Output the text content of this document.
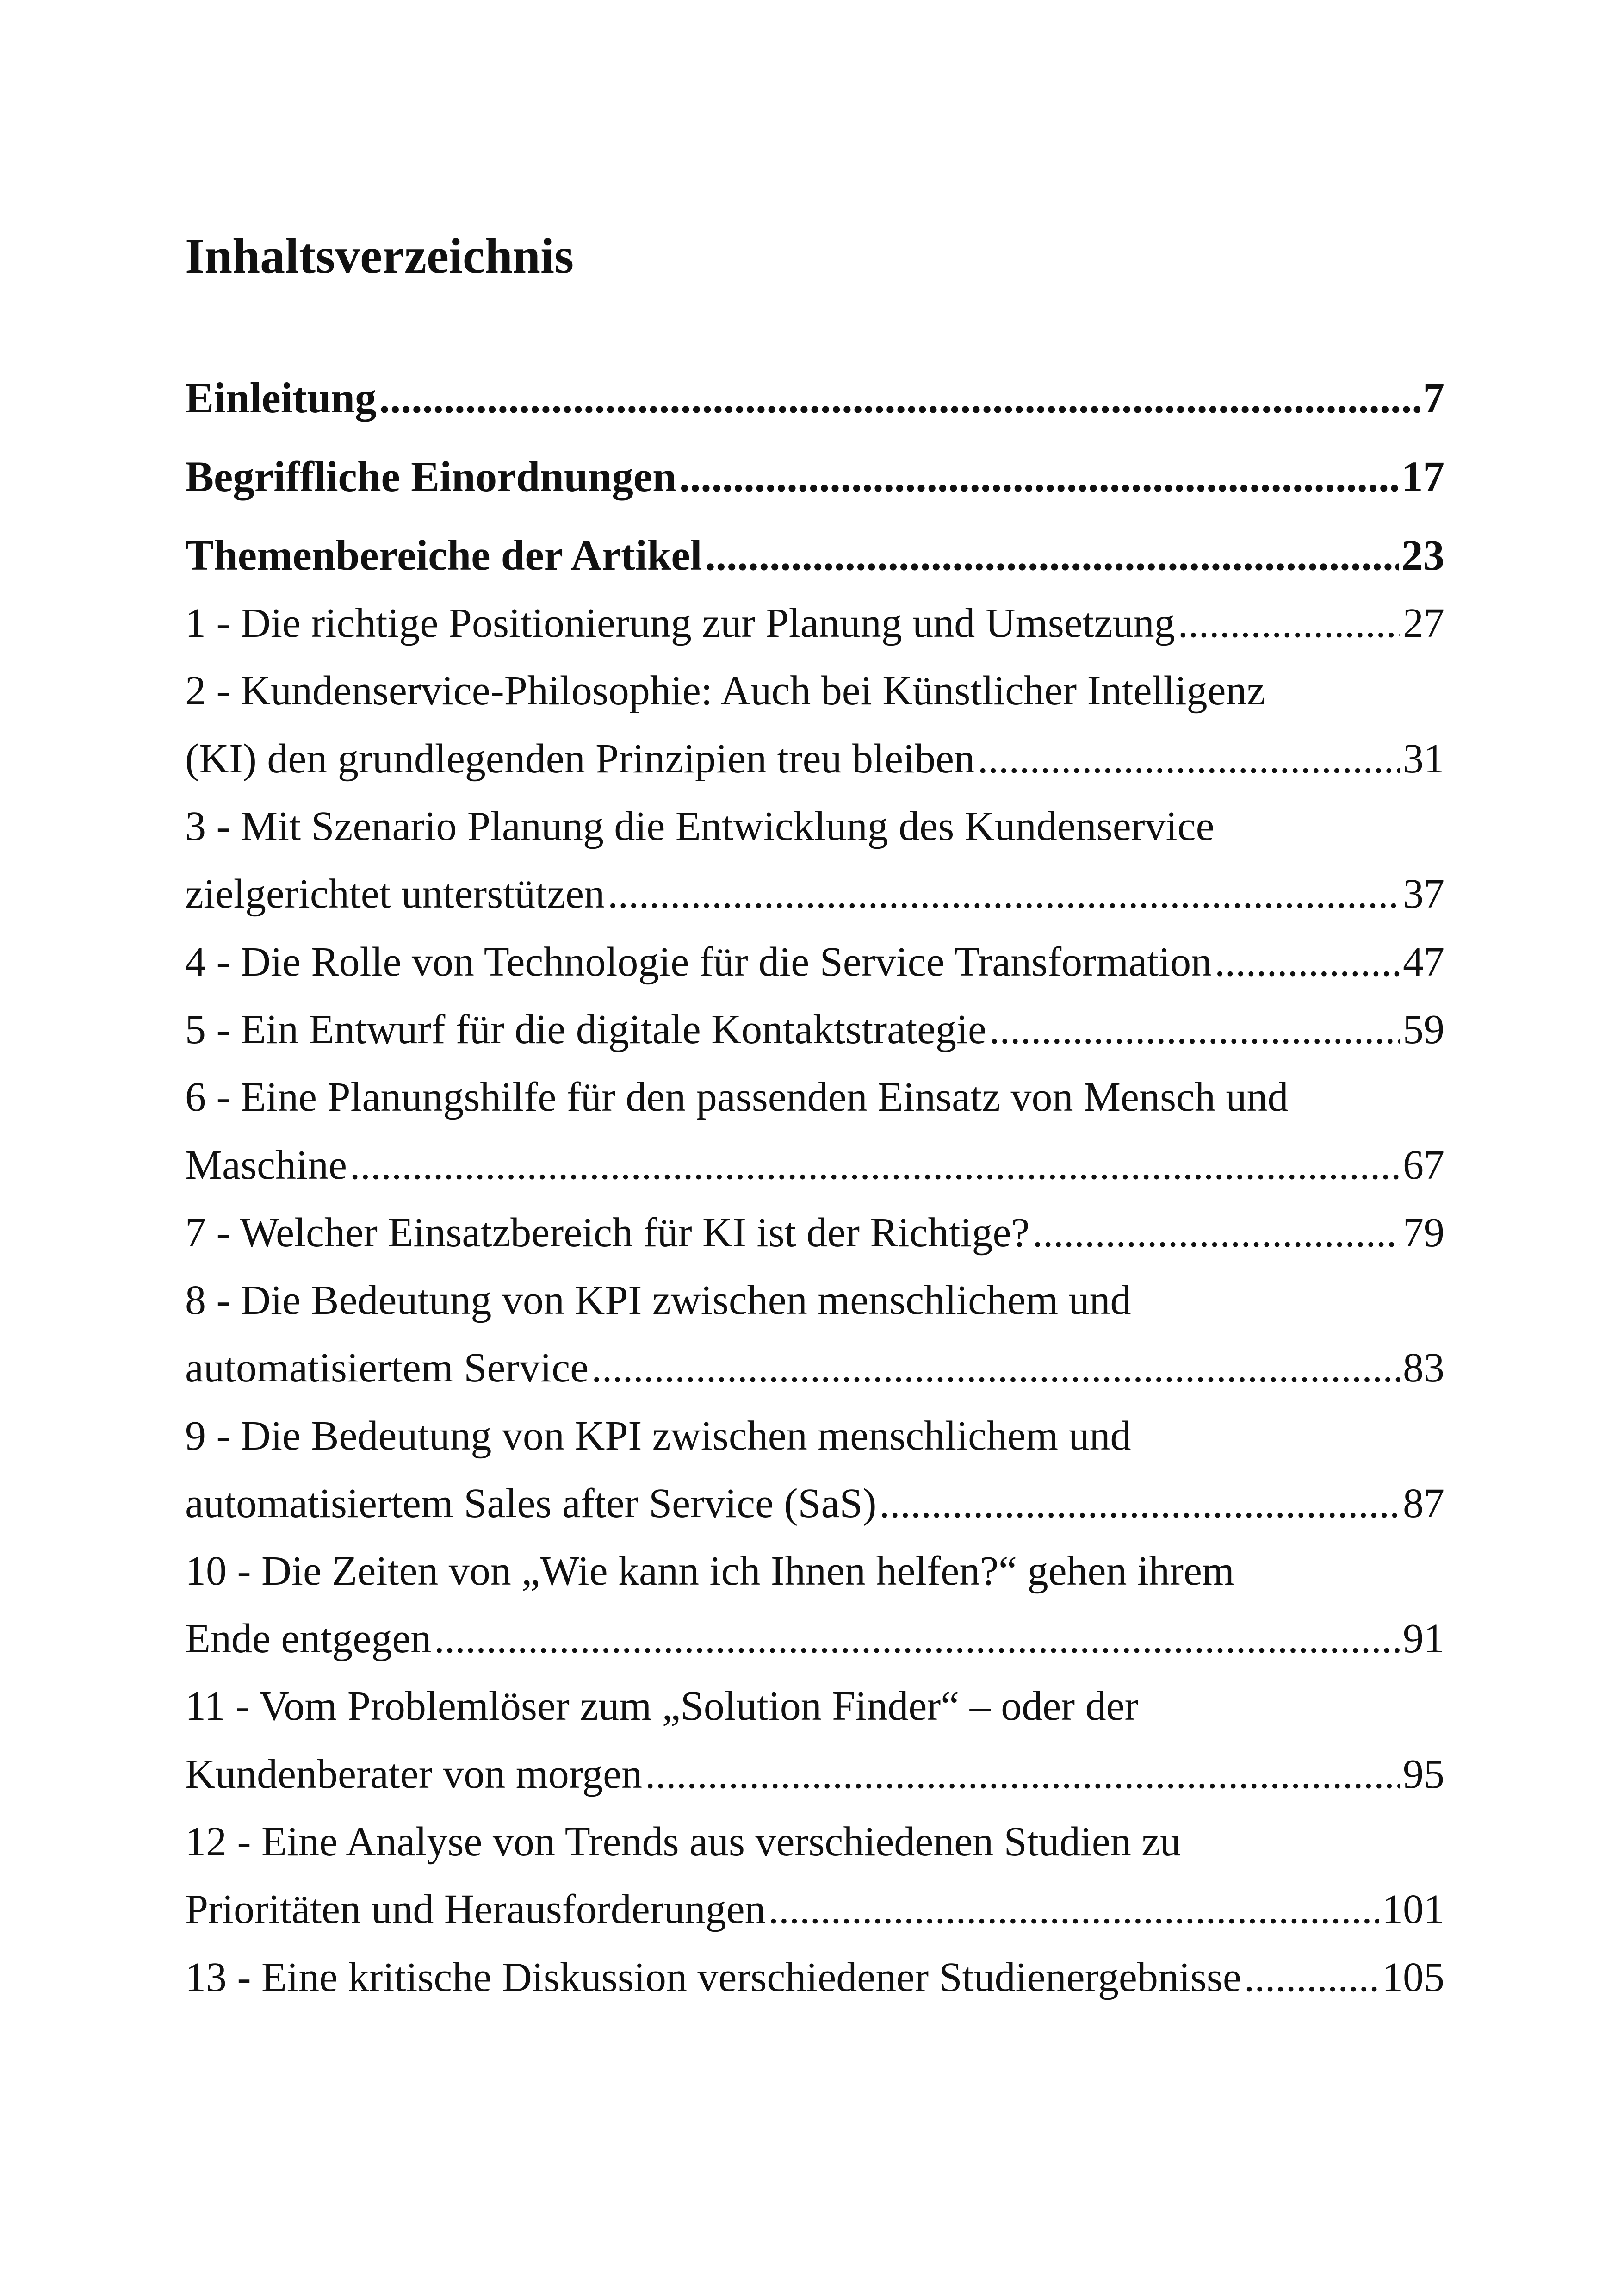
Inhaltsverzeichnis
Einleitung .....	7
Begriffliche Einordnungen .....	17
Themenbereiche der Artikel .....	23
1 - Die richtige Positionierung zur Planung und Umsetzung .....	27
2 - Kundenservice-Philosophie: Auch bei Künstlicher Intelligenz
(KI) den grundlegenden Prinzipien treu bleiben .....	31
3 - Mit Szenario Planung die Entwicklung des Kundenservice
zielgerichtet unterstützen .....	37
4 - Die Rolle von Technologie für die Service Transformation .....	47
5 - Ein Entwurf für die digitale Kontaktstrategie .....	59
6 - Eine Planungshilfe für den passenden Einsatz von Mensch und
Maschine .....	67
7 - Welcher Einsatzbereich für KI ist der Richtige? .....	79
8 - Die Bedeutung von KPI zwischen menschlichem und
automatisiertem Service .....	83
9 - Die Bedeutung von KPI zwischen menschlichem und
automatisiertem Sales after Service (SaS) .....	87
10 - Die Zeiten von „Wie kann ich Ihnen helfen?“ gehen ihrem
Ende entgegen .....	91
11 - Vom Problemlöser zum „Solution Finder“ – oder der
Kundenberater von morgen .....	95
12 - Eine Analyse von Trends aus verschiedenen Studien zu
Prioritäten und Herausforderungen .....	101
13 - Eine kritische Diskussion verschiedener Studienergebnisse .....	105
